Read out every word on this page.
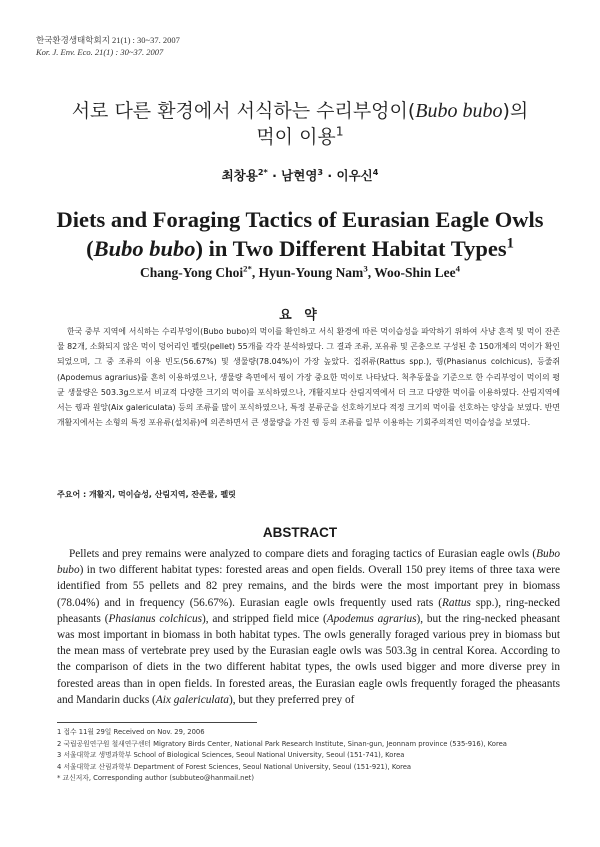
한국환경생태학회지 21(1) : 30~37. 2007
Kor. J. Env. Eco. 21(1) : 30~37. 2007
서로 다른 환경에서 서식하는 수리부엉이(Bubo bubo)의
먹이 이용$^1$
최창용$^{2*}$ · 남현영$^3$ · 이우신$^4$
Diets and Foraging Tactics of Eurasian Eagle Owls
(Bubo bubo) in Two Different Habitat Types$^1$
Chang-Yong Choi$^{2*}$, Hyun-Young Nam$^3$, Woo-Shin Lee$^4$
요 약
한국 중부 지역에 서식하는 수리부엉이(Bubo bubo)의 먹이를 확인하고 서식 환경에 따른 먹이습성을 파악하기 위하여 사냥 흔적 및 먹이 잔존물 82개, 소화되지 않은 먹이 덩어리인 펠릿(pellet) 55개를 각각 분석하였다. 그 결과 조류, 포유류 및 곤충으로 구성된 총 150개체의 먹이가 확인되었으며, 그 중 조류의 이용 빈도(56.67%) 및 생물량(78.04%)이 가장 높았다. 집쥐류(Rattus spp.), 꿩(Phasianus colchicus), 등줄쥐(Apodemus agrarius)를 흔히 이용하였으나, 생물량 측면에서 꿩이 가장 중요한 먹이로 나타났다. 척추동물을 기준으로 한 수리부엉이 먹이의 평균 생물량은 503.3g으로서 비교적 다양한 크기의 먹이를 포식하였으나, 개활지보다 산림지역에서 더 크고 다양한 먹이를 이용하였다. 산림지역에서는 꿩과 원앙(Aix galericulata) 등의 조류를 많이 포식하였으나, 특정 분류군을 선호하기보다 적정 크기의 먹이를 선호하는 양상을 보였다. 반면 개활지에서는 소형의 특정 포유류(설치류)에 의존하면서 큰 생물량을 가진 꿩 등의 조류를 일부 이용하는 기회주의적인 먹이습성을 보였다.
주요어 : 개활지, 먹이습성, 산림지역, 잔존물, 펠릿
ABSTRACT
Pellets and prey remains were analyzed to compare diets and foraging tactics of Eurasian eagle owls (Bubo bubo) in two different habitat types: forested areas and open fields. Overall 150 prey items of three taxa were identified from 55 pellets and 82 prey remains, and the birds were the most important prey in biomass (78.04%) and in frequency (56.67%). Eurasian eagle owls frequently used rats (Rattus spp.), ring-necked pheasants (Phasianus colchicus), and stripped field mice (Apodemus agrarius), but the ring-necked pheasant was most important in biomass in both habitat types. The owls generally foraged various prey in biomass but the mean mass of vertebrate prey used by the Eurasian eagle owls was 503.3g in central Korea. According to the comparison of diets in the two different habitat types, the owls used bigger and more diverse prey in forested areas than in open fields. In forested areas, the Eurasian eagle owls frequently foraged the pheasants and Mandarin ducks (Aix galericulata), but they preferred prey of
1 접수 11월 29일 Received on Nov. 29, 2006
2 국립공원연구원 철새연구센터 Migratory Birds Center, National Park Research Institute, Sinan-gun, Jeonnam province (535-916), Korea
3 서울대학교 생명과학부 School of Biological Sciences, Seoul National University, Seoul (151-741), Korea
4 서울대학교 산림과학부 Department of Forest Sciences, Seoul National University, Seoul (151-921), Korea
* 교신저자, Corresponding author (subbuteo@hanmail.net)
